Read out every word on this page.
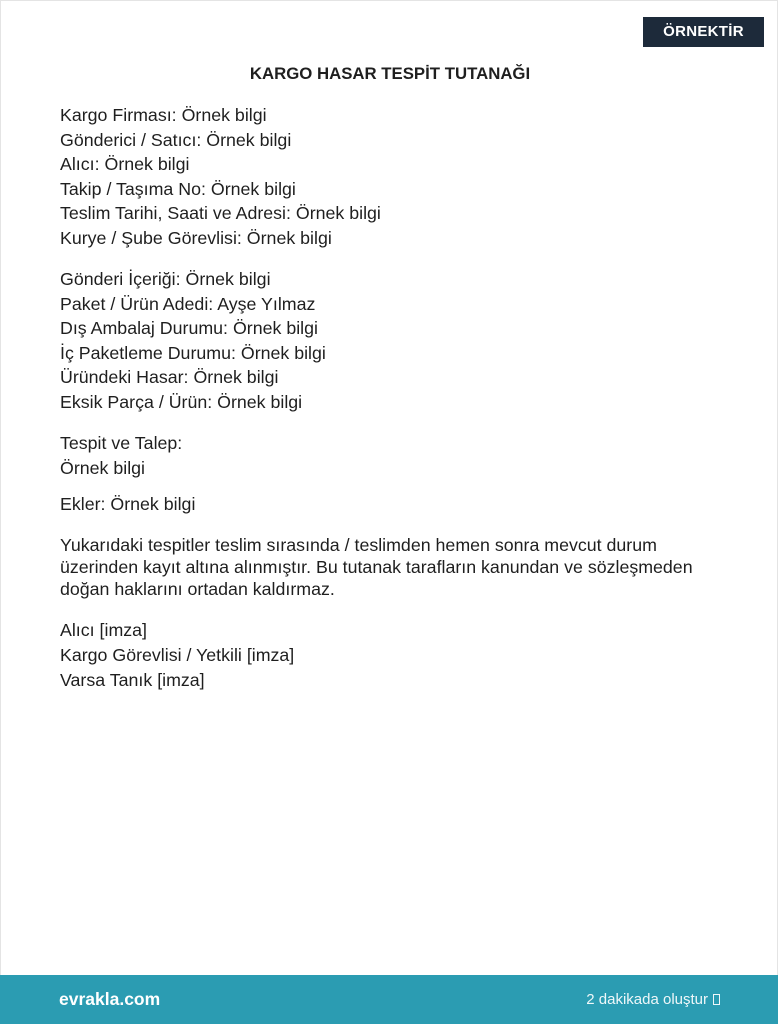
ÖRNEKTİR
KARGO HASAR TESPİT TUTANAĞI
Kargo Firması: Örnek bilgi
Gönderici / Satıcı: Örnek bilgi
Alıcı: Örnek bilgi
Takip / Taşıma No: Örnek bilgi
Teslim Tarihi, Saati ve Adresi: Örnek bilgi
Kurye / Şube Görevlisi: Örnek bilgi
Gönderi İçeriği: Örnek bilgi
Paket / Ürün Adedi: Ayşe Yılmaz
Dış Ambalaj Durumu: Örnek bilgi
İç Paketleme Durumu: Örnek bilgi
Üründeki Hasar: Örnek bilgi
Eksik Parça / Ürün: Örnek bilgi
Tespit ve Talep:
Örnek bilgi
Ekler: Örnek bilgi
Yukarıdaki tespitler teslim sırasında / teslimden hemen sonra mevcut durum
üzerinden kayıt altına alınmıştır. Bu tutanak tarafların kanundan ve sözleşmeden
doğan haklarını ortadan kaldırmaz.
Alıcı [imza]
Kargo Görevlisi / Yetkili [imza]
Varsa Tanık [imza]
evrakla.com	2 dakikada oluştur
